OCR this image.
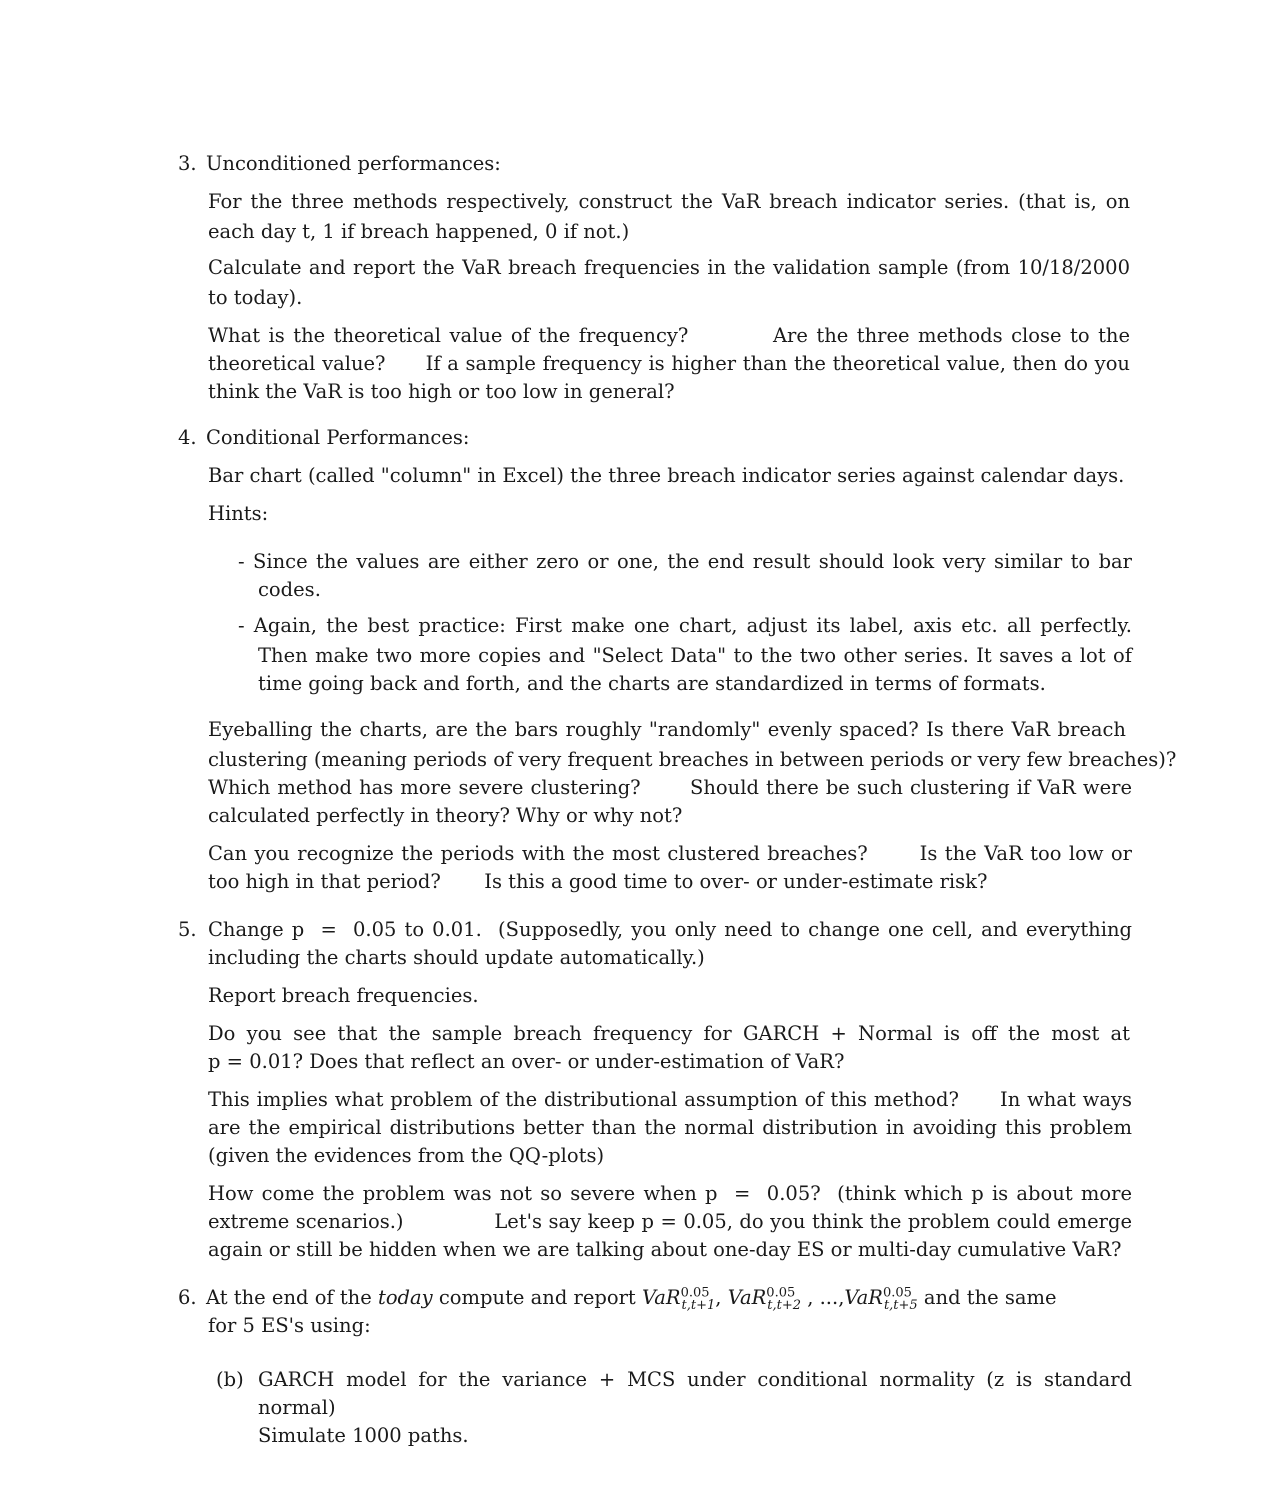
3. Unconditioned performances:
For the three methods respectively, construct the VaR breach indicator series. (that is, on
each day t, 1 if breach happened, 0 if not.)
Calculate and report the VaR breach frequencies in the validation sample (from 10/18/2000
to today).
What is the theoretical value of the frequency?          Are the three methods close to the
theoretical value?      If a sample frequency is higher than the theoretical value, then do you
think the VaR is too high or too low in general?
4. Conditional Performances:
Bar chart (called "column" in Excel) the three breach indicator series against calendar days.
Hints:
- Since the values are either zero or one, the end result should look very similar to bar
codes.
- Again, the best practice: First make one chart, adjust its label, axis etc. all perfectly.
Then make two more copies and "Select Data" to the two other series. It saves a lot of
time going back and forth, and the charts are standardized in terms of formats.
Eyeballing the charts, are the bars roughly "randomly" evenly spaced? Is there VaR breach
clustering (meaning periods of very frequent breaches in between periods or very few breaches)?
Which method has more severe clustering?       Should there be such clustering if VaR were
calculated perfectly in theory? Why or why not?
Can you recognize the periods with the most clustered breaches?       Is the VaR too low or
too high in that period?       Is this a good time to over- or under-estimate risk?
5. Change p  =  0.05 to 0.01.  (Supposedly, you only need to change one cell, and everything
including the charts should update automatically.)
Report breach frequencies.
Do you see that the sample breach frequency for GARCH + Normal is off the most at
p = 0.01? Does that reflect an over- or under-estimation of VaR?
This implies what problem of the distributional assumption of this method?      In what ways
are the empirical distributions better than the normal distribution in avoiding this problem
(given the evidences from the QQ-plots)
How come the problem was not so severe when p  =  0.05?  (think which p is about more
extreme scenarios.)              Let's say keep p = 0.05, do you think the problem could emerge
again or still be hidden when we are talking about one-day ES or multi-day cumulative VaR?
6. At the end of the today compute and report VaR$^{0.05}_{t,t+1}$, VaR$^{0.05}_{t,t+2}$ , ...,VaR$^{0.05}_{t,t+5}$ and the same
for 5 ES's using:
(b) GARCH model for the variance + MCS under conditional normality (z is standard
normal)
Simulate 1000 paths.
